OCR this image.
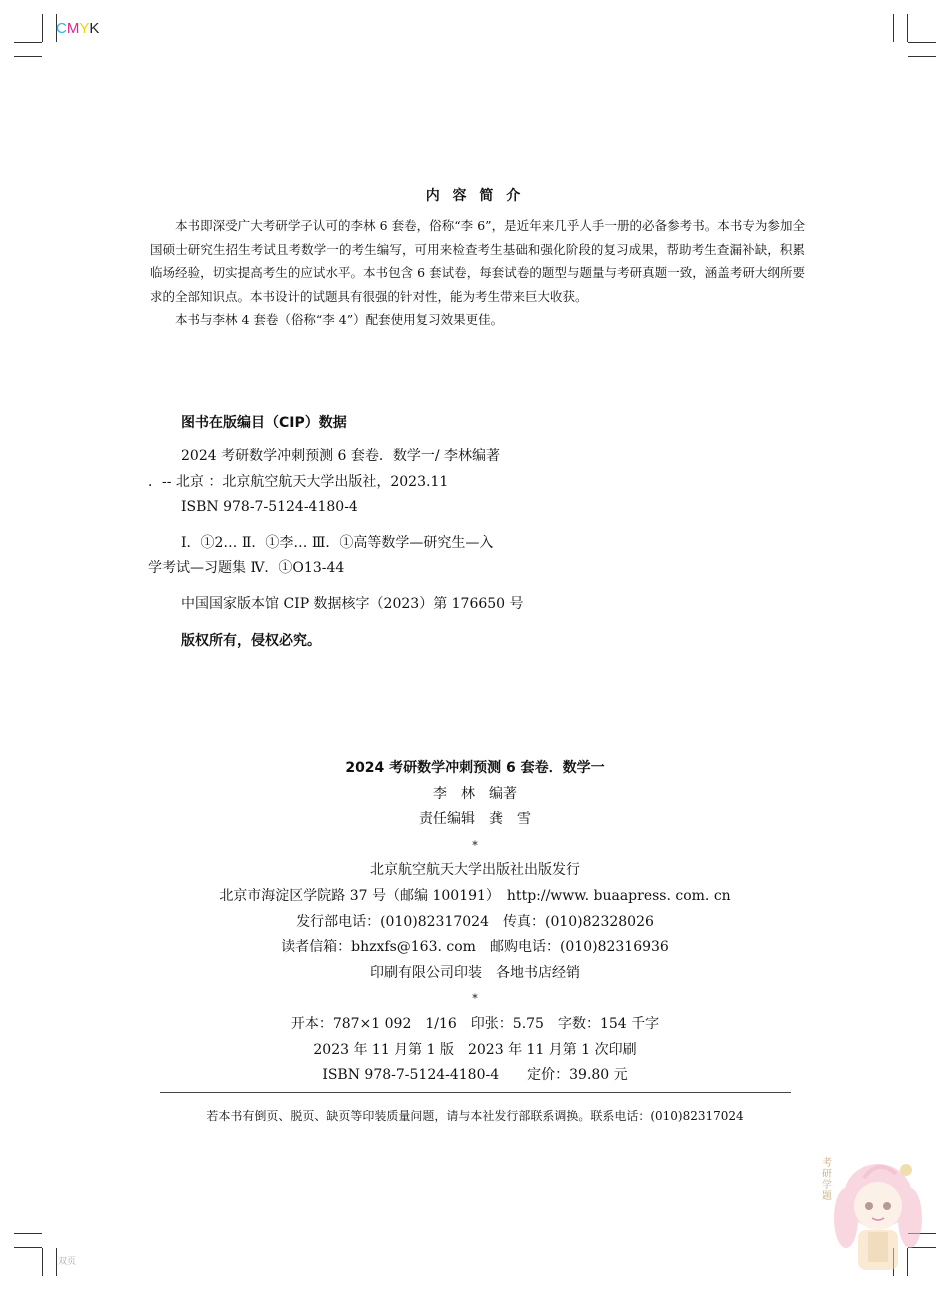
CMYK
内 容 简 介

本书即深受广大考研学子认可的李林 6 套卷，俗称“李 6”，是近年来几乎人手一册的必备参考书。本书专为参加全国硕士研究生招生考试且考数学一的考生编写，可用来检查考生基础和强化阶段的复习成果，帮助考生查漏补缺，积累临场经验，切实提高考生的应试水平。本书包含 6 套试卷，每套试卷的题型与题量与考研真题一致，涵盖考研大纲所要求的全部知识点。本书设计的试题具有很强的针对性，能为考生带来巨大收获。

本书与李林 4 套卷（俗称“李 4”）配套使用复习效果更佳。

图书在版编目（CIP）数据
2024 考研数学冲刺预测 6 套卷．数学一/ 李林编著
．-- 北京 ：北京航空航天大学出版社，2023.11
ISBN 978-7-5124-4180-4
Ⅰ．①2… Ⅱ．①李… Ⅲ．①高等数学—研究生—入
学考试—习题集 Ⅳ．①O13-44
中国国家版本馆 CIP 数据核字（2023）第 176650 号
版权所有，侵权必究。
2024 考研数学冲刺预测 6 套卷．数学一
李　林　编著
责任编辑　龚　雪
*
北京航空航天大学出版社出版发行
北京市海淀区学院路 37 号（邮编 100191）　http://www. buaapress. com. cn
发行部电话：(010)82317024　传真：(010)82328026
读者信箱：bhzxfs@163. com　邮购电话：(010)82316936
印刷有限公司印装　各地书店经销
*
开本：787×1 092　1/16　印张：5.75　字数：154 千字
2023 年 11 月第 1 版　2023 年 11 月第 1 次印刷
ISBN 978-7-5124-4180-4　　定价：39.80 元
若本书有倒页、脱页、缺页等印装质量问题，请与本社发行部联系调换。联系电话：(010)82317024
双页
考研学题
